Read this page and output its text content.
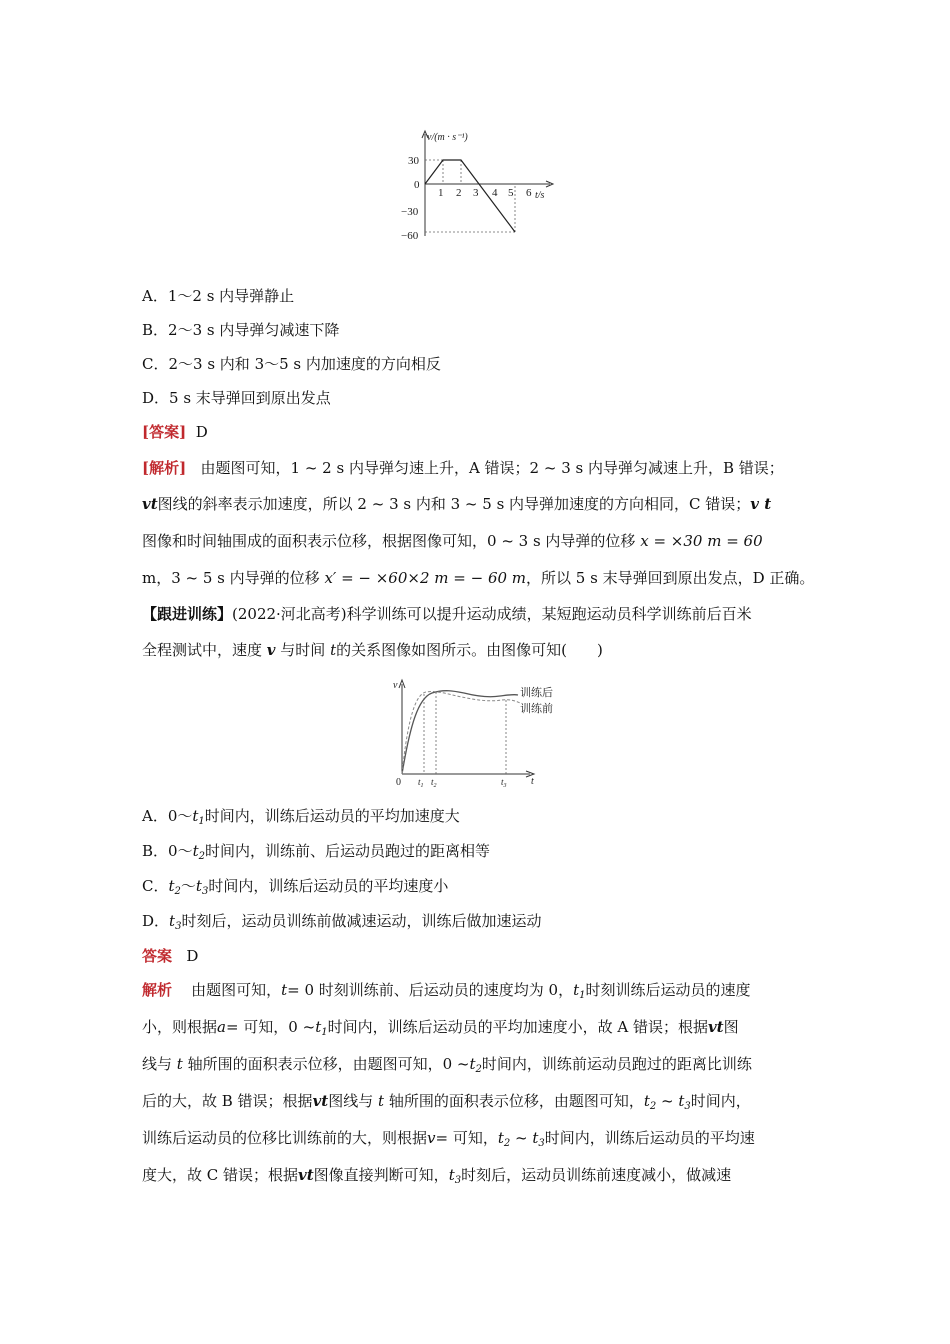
v/(m · s⁻¹)
t/s
30
0
−30
−60
1 2 3 4 5 6
A．1～2 s 内导弹静止
B．2～3 s 内导弹匀减速下降
C．2～3 s 内和 3～5 s 内加速度的方向相反
D．5 s 末导弹回到原出发点
[答案] D
[解析] 由题图可知，1 ~ 2 s 内导弹匀速上升，A 错误；2 ~ 3 s 内导弹匀减速上升，B 错误；
vt图线的斜率表示加速度，所以 2 ~ 3 s 内和 3 ~ 5 s 内导弹加速度的方向相同，C 错误；v t
图像和时间轴围成的面积表示位移，根据图像可知，0 ~ 3 s 内导弹的位移 x = ×30 m = 60
m，3 ~ 5 s 内导弹的位移 x′ = − ×60×2 m = − 60 m，所以 5 s 末导弹回到原出发点，D 正确。
【跟进训练】(2022·河北高考)科学训练可以提升运动成绩，某短跑运动员科学训练前后百米
全程测试中，速度 v 与时间 t的关系图像如图所示。由图像可知(　　)
v
t
0 $t_1$ $t_2$	$t_3$
训练后
训练前
A．$0\sim t_1$时间内，训练后运动员的平均加速度大
B．$0\sim t_2$时间内，训练前、后运动员跑过的距离相等
C．$t_2\sim t_3$时间内，训练后运动员的平均速度小
D．$t_3$时刻后，运动员训练前做减速运动，训练后做加速运动
答案 D
解析 由题图可知，t= 0 时刻训练前、后运动员的速度均为 0，$t_1$时刻训练后运动员的速度
小，则根据a= 可知，0 $\sim t_1$时间内，训练后运动员的平均加速度小，故 A 错误；根据vt图
线与 t 轴所围的面积表示位移，由题图可知，0 $\sim t_2$时间内，训练前运动员跑过的距离比训练
后的大，故 B 错误；根据vt图线与 t 轴所围的面积表示位移，由题图可知，$t_2$ ~ $t_3$时间内，
训练后运动员的位移比训练前的大，则根据v= 可知，$t_2$ ~ $t_3$时间内，训练后运动员的平均速
度大，故 C 错误；根据vt图像直接判断可知，$t_3$时刻后，运动员训练前速度减小，做减速
